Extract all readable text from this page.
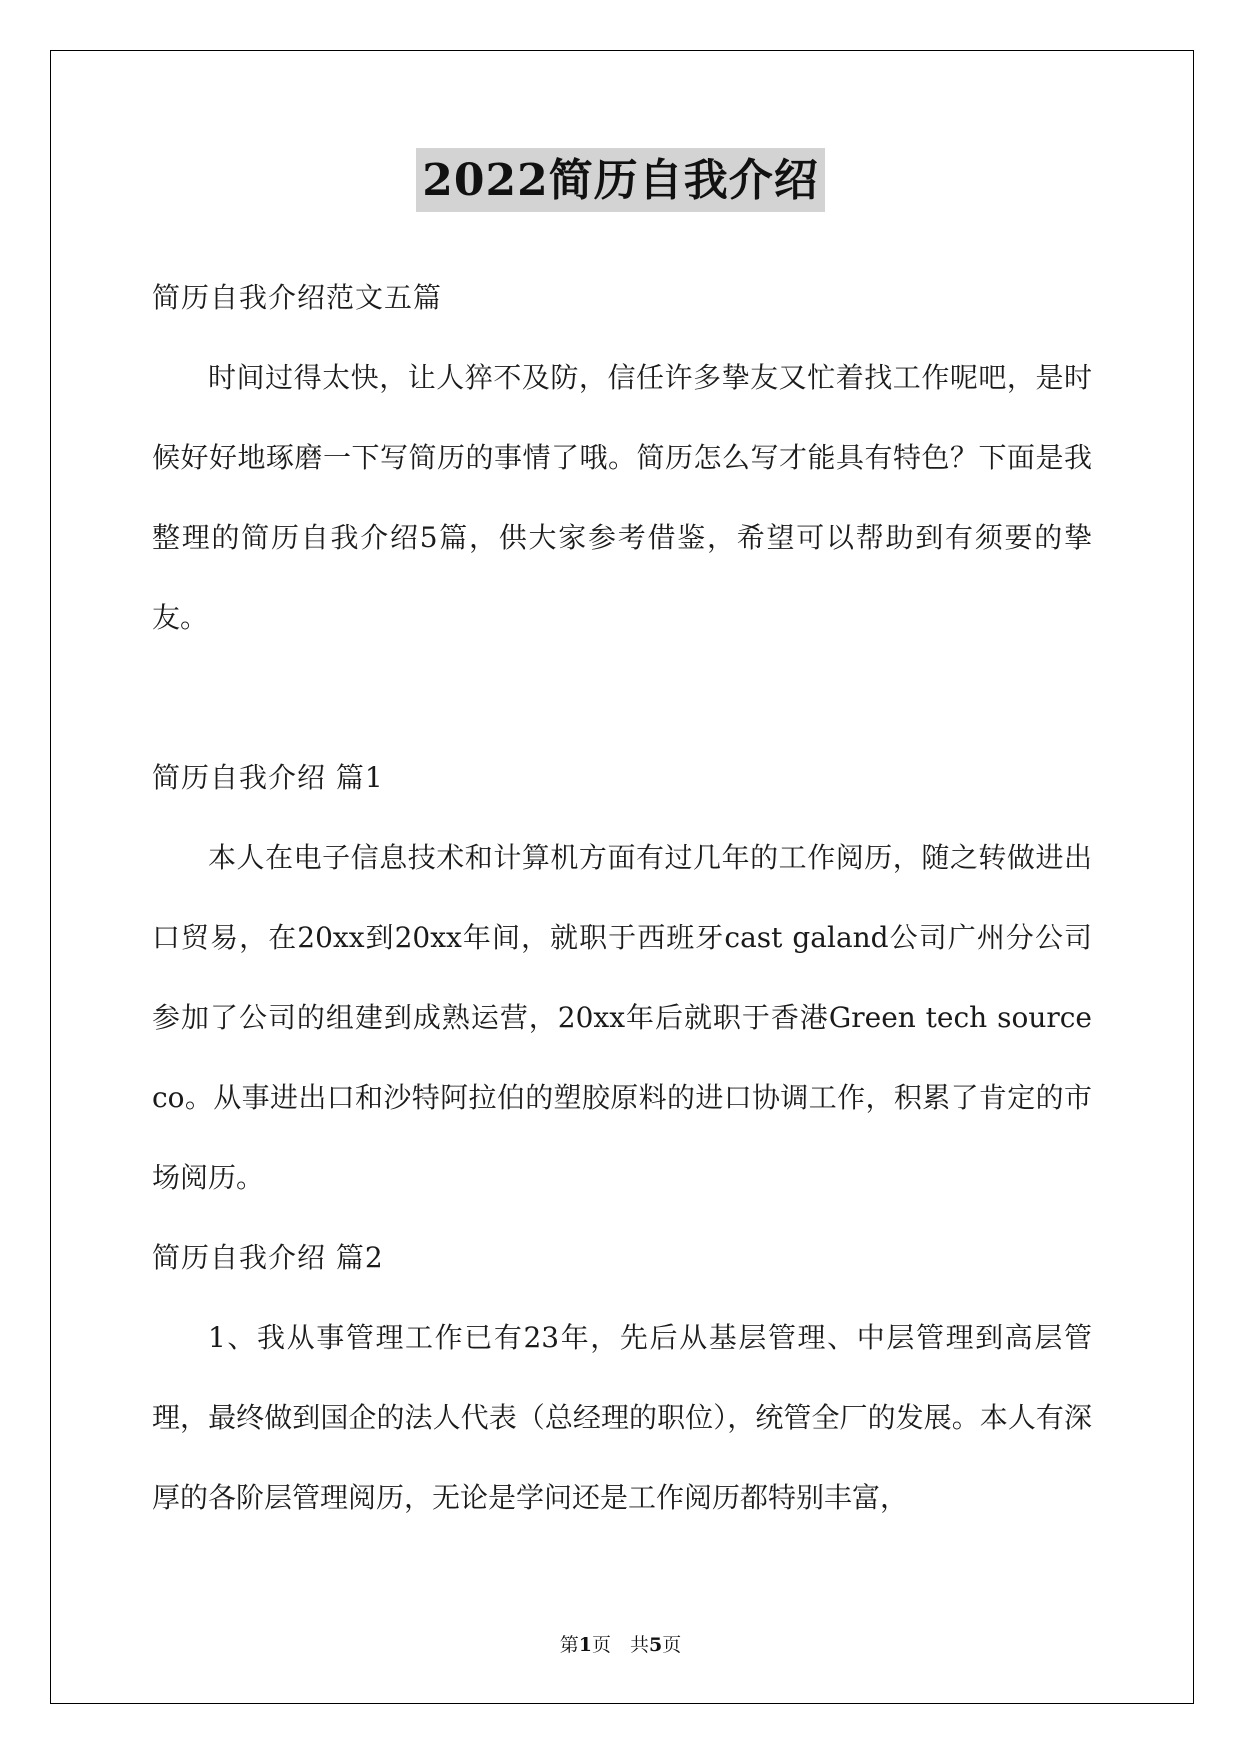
2022简历自我介绍

简历自我介绍范文五篇

时间过得太快，让人猝不及防，信任许多挚友又忙着找工作呢吧，是时候好好地琢磨一下写简历的事情了哦。简历怎么写才能具有特色？下面是我整理的简历自我介绍5篇，供大家参考借鉴，希望可以帮助到有须要的挚友。

简历自我介绍 篇1

本人在电子信息技术和计算机方面有过几年的工作阅历，随之转做进出口贸易，在20xx到20xx年间，就职于西班牙cast galand公司广州分公司参加了公司的组建到成熟运营，20xx年后就职于香港Green tech source co。从事进出口和沙特阿拉伯的塑胶原料的进口协调工作，积累了肯定的市场阅历。

简历自我介绍 篇2

1、我从事管理工作已有23年，先后从基层管理、中层管理到高层管理，最终做到国企的法人代表（总经理的职位），统管全厂的发展。本人有深厚的各阶层管理阅历，无论是学问还是工作阅历都特别丰富，

第1页　共5页
